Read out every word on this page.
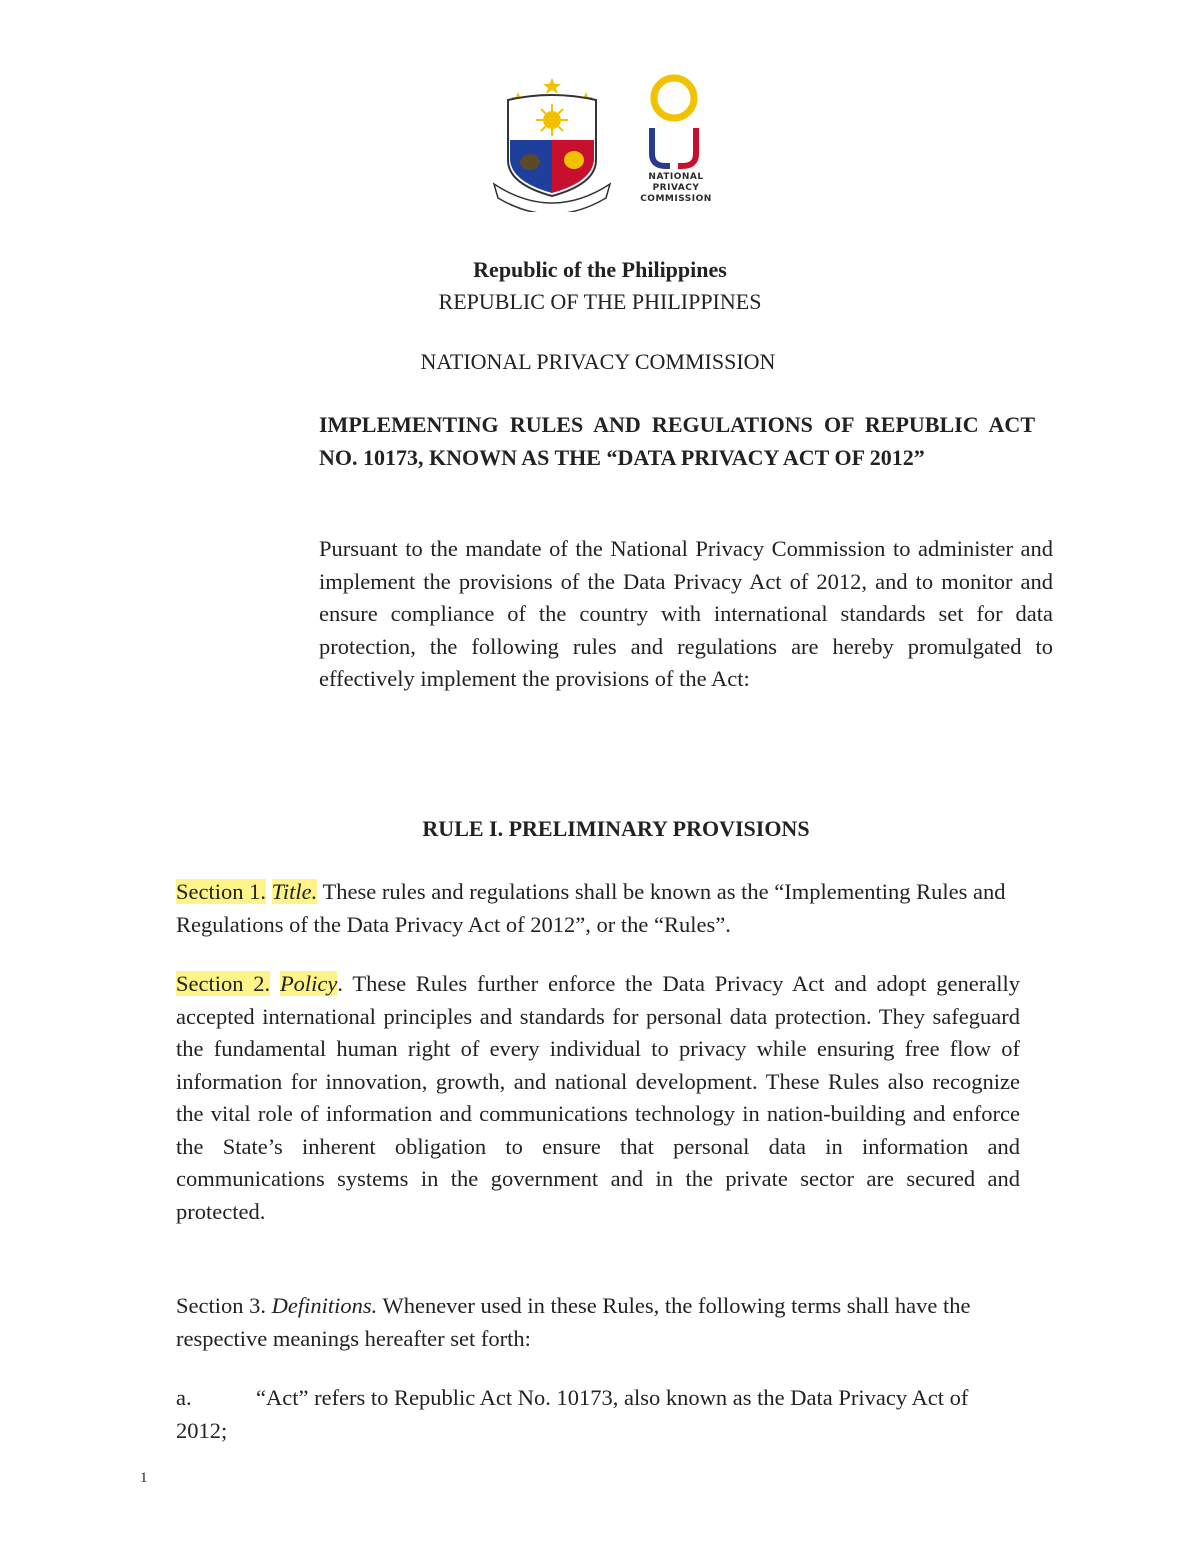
NATIONAL
PRIVACY
COMMISSION
Republic of the Philippines
REPUBLIC OF THE PHILIPPINES
NATIONAL PRIVACY COMMISSION
IMPLEMENTING RULES AND REGULATIONS OF REPUBLIC ACT NO. 10173, KNOWN AS THE “DATA PRIVACY ACT OF 2012”
Pursuant to the mandate of the National Privacy Commission to administer and implement the provisions of the Data Privacy Act of 2012, and to monitor and ensure compliance of the country with international standards set for data protection, the following rules and regulations are hereby promulgated to effectively implement the provisions of the Act:
RULE I. PRELIMINARY PROVISIONS
Section 1. Title. These rules and regulations shall be known as the “Implementing Rules and Regulations of the Data Privacy Act of 2012”, or the “Rules”.
Section 2. Policy. These Rules further enforce the Data Privacy Act and adopt generally accepted international principles and standards for personal data protection. They safeguard the fundamental human right of every individual to privacy while ensuring free flow of information for innovation, growth, and national development. These Rules also recognize the vital role of information and communications technology in nation-building and enforce the State’s inherent obligation to ensure that personal data in information and communications systems in the government and in the private sector are secured and protected.
Section 3. Definitions. Whenever used in these Rules, the following terms shall have the respective meanings hereafter set forth:
a.	“Act” refers to Republic Act No. 10173, also known as the Data Privacy Act of 2012;
1
